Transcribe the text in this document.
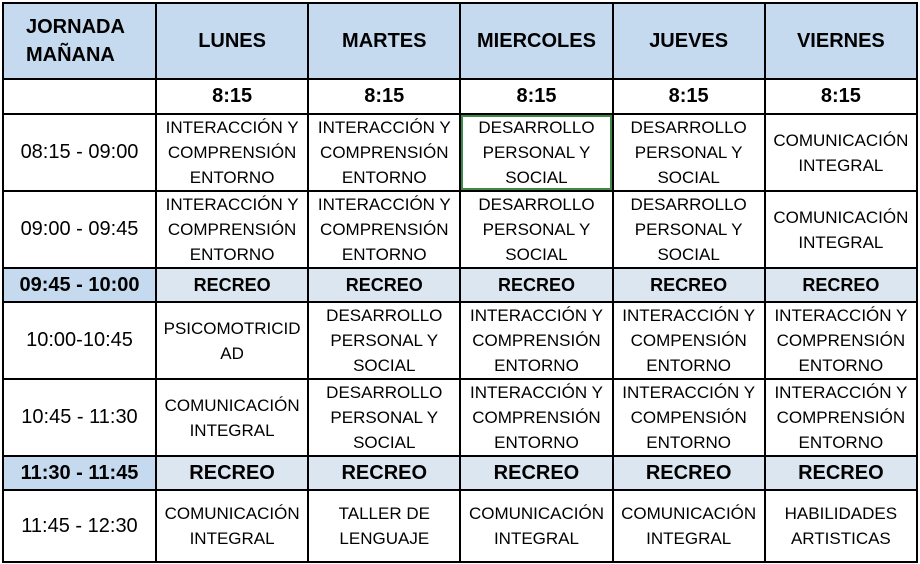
JORNADA
MAÑANA	LUNES	MARTES	MIERCOLES	JUEVES	VIERNES
	8:15	8:15	8:15	8:15	8:15
08:15 - 09:00	INTERACCIÓN Y COMPRENSIÓN ENTORNO	INTERACCIÓN Y COMPRENSIÓN ENTORNO	DESARROLLO PERSONAL Y SOCIAL	DESARROLLO PERSONAL Y SOCIAL	COMUNICACIÓN INTEGRAL
09:00 - 09:45	INTERACCIÓN Y COMPRENSIÓN ENTORNO	INTERACCIÓN Y COMPRENSIÓN ENTORNO	DESARROLLO PERSONAL Y SOCIAL	DESARROLLO PERSONAL Y SOCIAL	COMUNICACIÓN INTEGRAL
09:45 - 10:00	RECREO	RECREO	RECREO	RECREO	RECREO
10:00-10:45	PSICOMOTRICIDAD	DESARROLLO PERSONAL Y SOCIAL	INTERACCIÓN Y COMPRENSIÓN ENTORNO	INTERACCIÓN Y COMPENSIÓN ENTORNO	INTERACCIÓN Y COMPRENSIÓN ENTORNO
10:45 - 11:30	COMUNICACIÓN INTEGRAL	DESARROLLO PERSONAL Y SOCIAL	INTERACCIÓN Y COMPRENSIÓN ENTORNO	INTERACCIÓN Y COMPENSIÓN ENTORNO	INTERACCIÓN Y COMPRENSIÓN ENTORNO
11:30 - 11:45	RECREO	RECREO	RECREO	RECREO	RECREO
11:45 - 12:30	COMUNICACIÓN INTEGRAL	TALLER DE LENGUAJE	COMUNICACIÓN INTEGRAL	COMUNICACIÓN INTEGRAL	HABILIDADES ARTISTICAS
